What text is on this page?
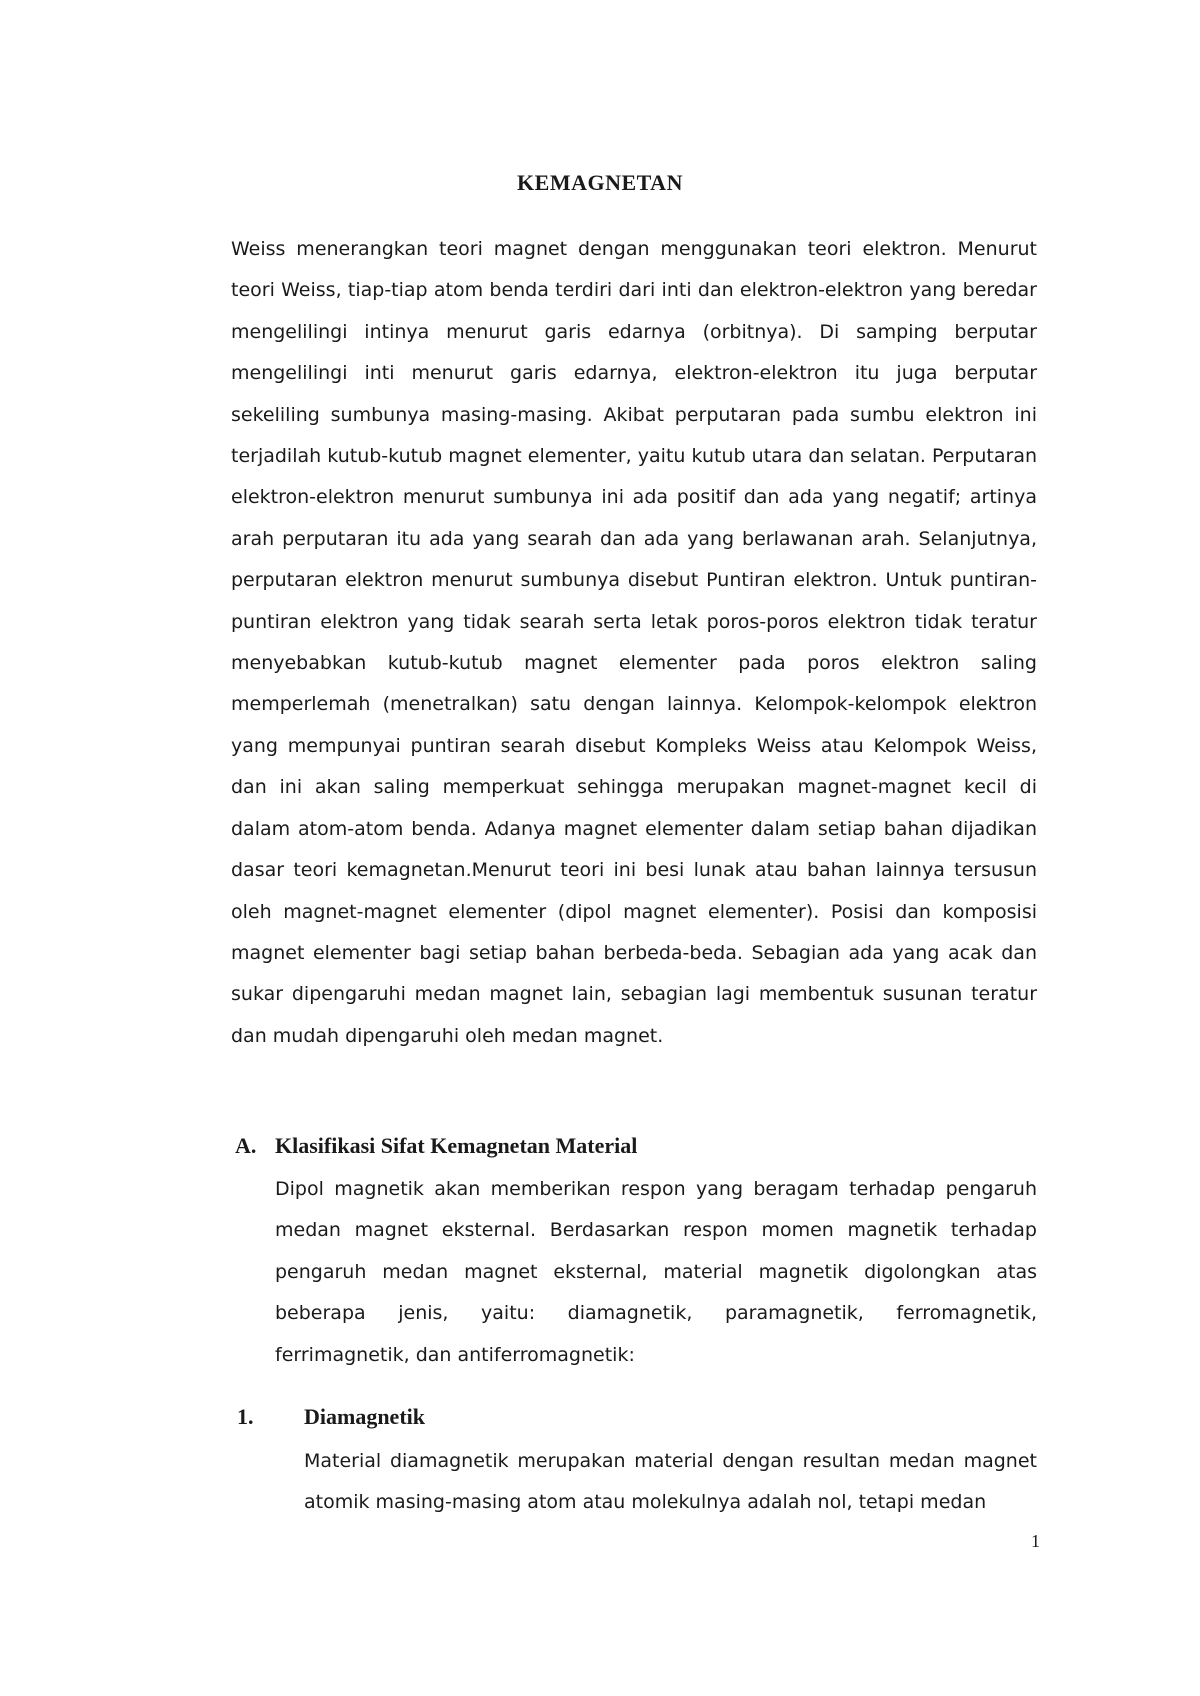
KEMAGNETAN

Weiss menerangkan teori magnet dengan menggunakan teori elektron. Menurut teori Weiss, tiap-tiap atom benda terdiri dari inti dan elektron-elektron yang beredar mengelilingi intinya menurut garis edarnya (orbitnya). Di samping berputar mengelilingi inti menurut garis edarnya, elektron-elektron itu juga berputar sekeliling sumbunya masing-masing. Akibat perputaran pada sumbu elektron ini terjadilah kutub-kutub magnet elementer, yaitu kutub utara dan selatan. Perputaran elektron-elektron menurut sumbunya ini ada positif dan ada yang negatif; artinya arah perputaran itu ada yang searah dan ada yang berlawanan arah. Selanjutnya, perputaran elektron menurut sumbunya disebut Puntiran elektron. Untuk puntiran-puntiran elektron yang tidak searah serta letak poros-poros elektron tidak teratur menyebabkan kutub-kutub magnet elementer pada poros elektron saling memperlemah (menetralkan) satu dengan lainnya. Kelompok-kelompok elektron yang mempunyai puntiran searah disebut Kompleks Weiss atau Kelompok Weiss, dan ini akan saling memperkuat sehingga merupakan magnet-magnet kecil di dalam atom-atom benda. Adanya magnet elementer dalam setiap bahan dijadikan dasar teori kemagnetan.Menurut teori ini besi lunak atau bahan lainnya tersusun oleh magnet-magnet elementer (dipol magnet elementer). Posisi dan komposisi magnet elementer bagi setiap bahan berbeda-beda. Sebagian ada yang acak dan sukar dipengaruhi medan magnet lain, sebagian lagi membentuk susunan teratur dan mudah dipengaruhi oleh medan magnet.

A. Klasifikasi Sifat Kemagnetan Material

Dipol magnetik akan memberikan respon yang beragam terhadap pengaruh medan magnet eksternal. Berdasarkan respon momen magnetik terhadap pengaruh medan magnet eksternal, material magnetik digolongkan atas beberapa jenis, yaitu: diamagnetik, paramagnetik, ferromagnetik, ferrimagnetik, dan antiferromagnetik:

1. Diamagnetik

Material diamagnetik merupakan material dengan resultan medan magnet atomik masing-masing atom atau molekulnya adalah nol, tetapi medan

1
